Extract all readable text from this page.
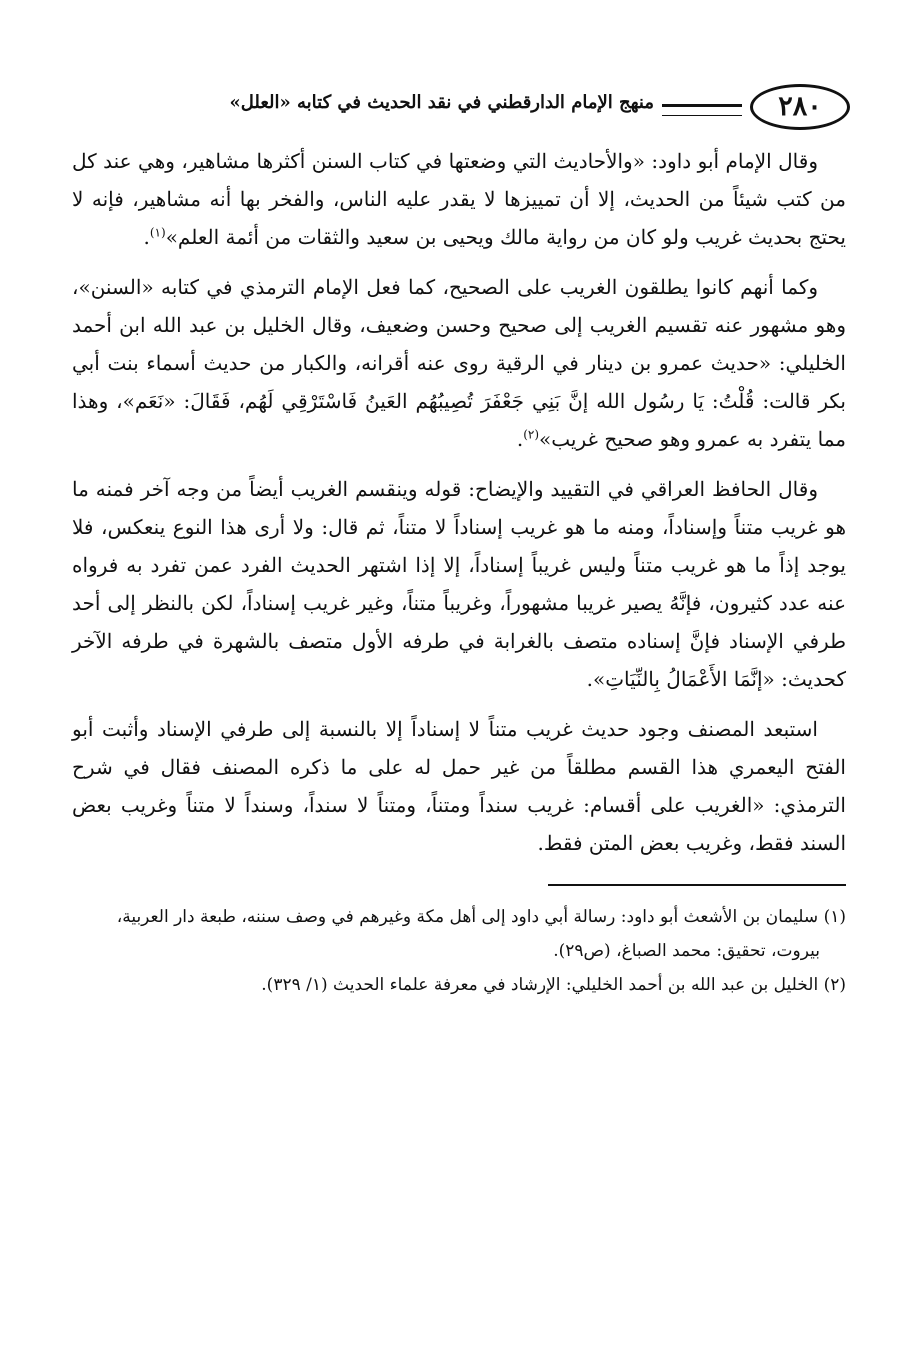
٢٨٠
منهج الإمام الدارقطني في نقد الحديث في كتابه «العلل»

وقال الإمام أبو داود: «والأحاديث التي وضعتها في كتاب السنن أكثرها مشاهير، وهي عند كل من كتب شيئاً من الحديث، إلا أن تمييزها لا يقدر عليه الناس، والفخر بها أنه مشاهير، فإنه لا يحتج بحديث غريب ولو كان من رواية مالك ويحيى بن سعيد والثقات من أئمة العلم»$^{(١)}$.

وكما أنهم كانوا يطلقون الغريب على الصحيح، كما فعل الإمام الترمذي في كتابه «السنن»، وهو مشهور عنه تقسيم الغريب إلى صحيح وحسن وضعيف، وقال الخليل بن عبد الله ابن أحمد الخليلي: «حديث عمرو بن دينار في الرقية روى عنه أقرانه، والكبار من حديث أسماء بنت أبي بكر قالت: قُلْتُ: يَا رسُول الله إنَّ بَنِي جَعْفَرَ تُصِيبُهُم العَينُ فَاسْتَرْقِي لَهُم، فَقَالَ: «نَعَم»، وهذا مما يتفرد به عمرو وهو صحيح غريب»$^{(٢)}$.

وقال الحافظ العراقي في التقييد والإيضاح: قوله وينقسم الغريب أيضاً من وجه آخر فمنه ما هو غريب متناً وإسناداً، ومنه ما هو غريب إسناداً لا متناً، ثم قال: ولا أرى هذا النوع ينعكس، فلا يوجد إذاً ما هو غريب متناً وليس غريباً إسناداً، إلا إذا اشتهر الحديث الفرد عمن تفرد به فرواه عنه عدد كثيرون، فإنَّهُ يصير غريبا مشهوراً، وغريباً متناً، وغير غريب إسناداً، لكن بالنظر إلى أحد طرفي الإسناد فإنَّ إسناده متصف بالغرابة في طرفه الأول متصف بالشهرة في طرفه الآخر كحديث: «إنَّمَا الأَعْمَالُ بِالنِّيَاتِ».

استبعد المصنف وجود حديث غريب متناً لا إسناداً إلا بالنسبة إلى طرفي الإسناد وأثبت أبو الفتح اليعمري هذا القسم مطلقاً من غير حمل له على ما ذكره المصنف فقال في شرح الترمذي: «الغريب على أقسام: غريب سنداً ومتناً، ومتناً لا سنداً، وسنداً لا متناً وغريب بعض السند فقط، وغريب بعض المتن فقط.

(١) سليمان بن الأشعث أبو داود: رسالة أبي داود إلى أهل مكة وغيرهم في وصف سننه، طبعة دار العربية،

بيروت، تحقيق: محمد الصباغ، (ص٢٩).

(٢) الخليل بن عبد الله بن أحمد الخليلي: الإرشاد في معرفة علماء الحديث (١/ ٣٢٩).
